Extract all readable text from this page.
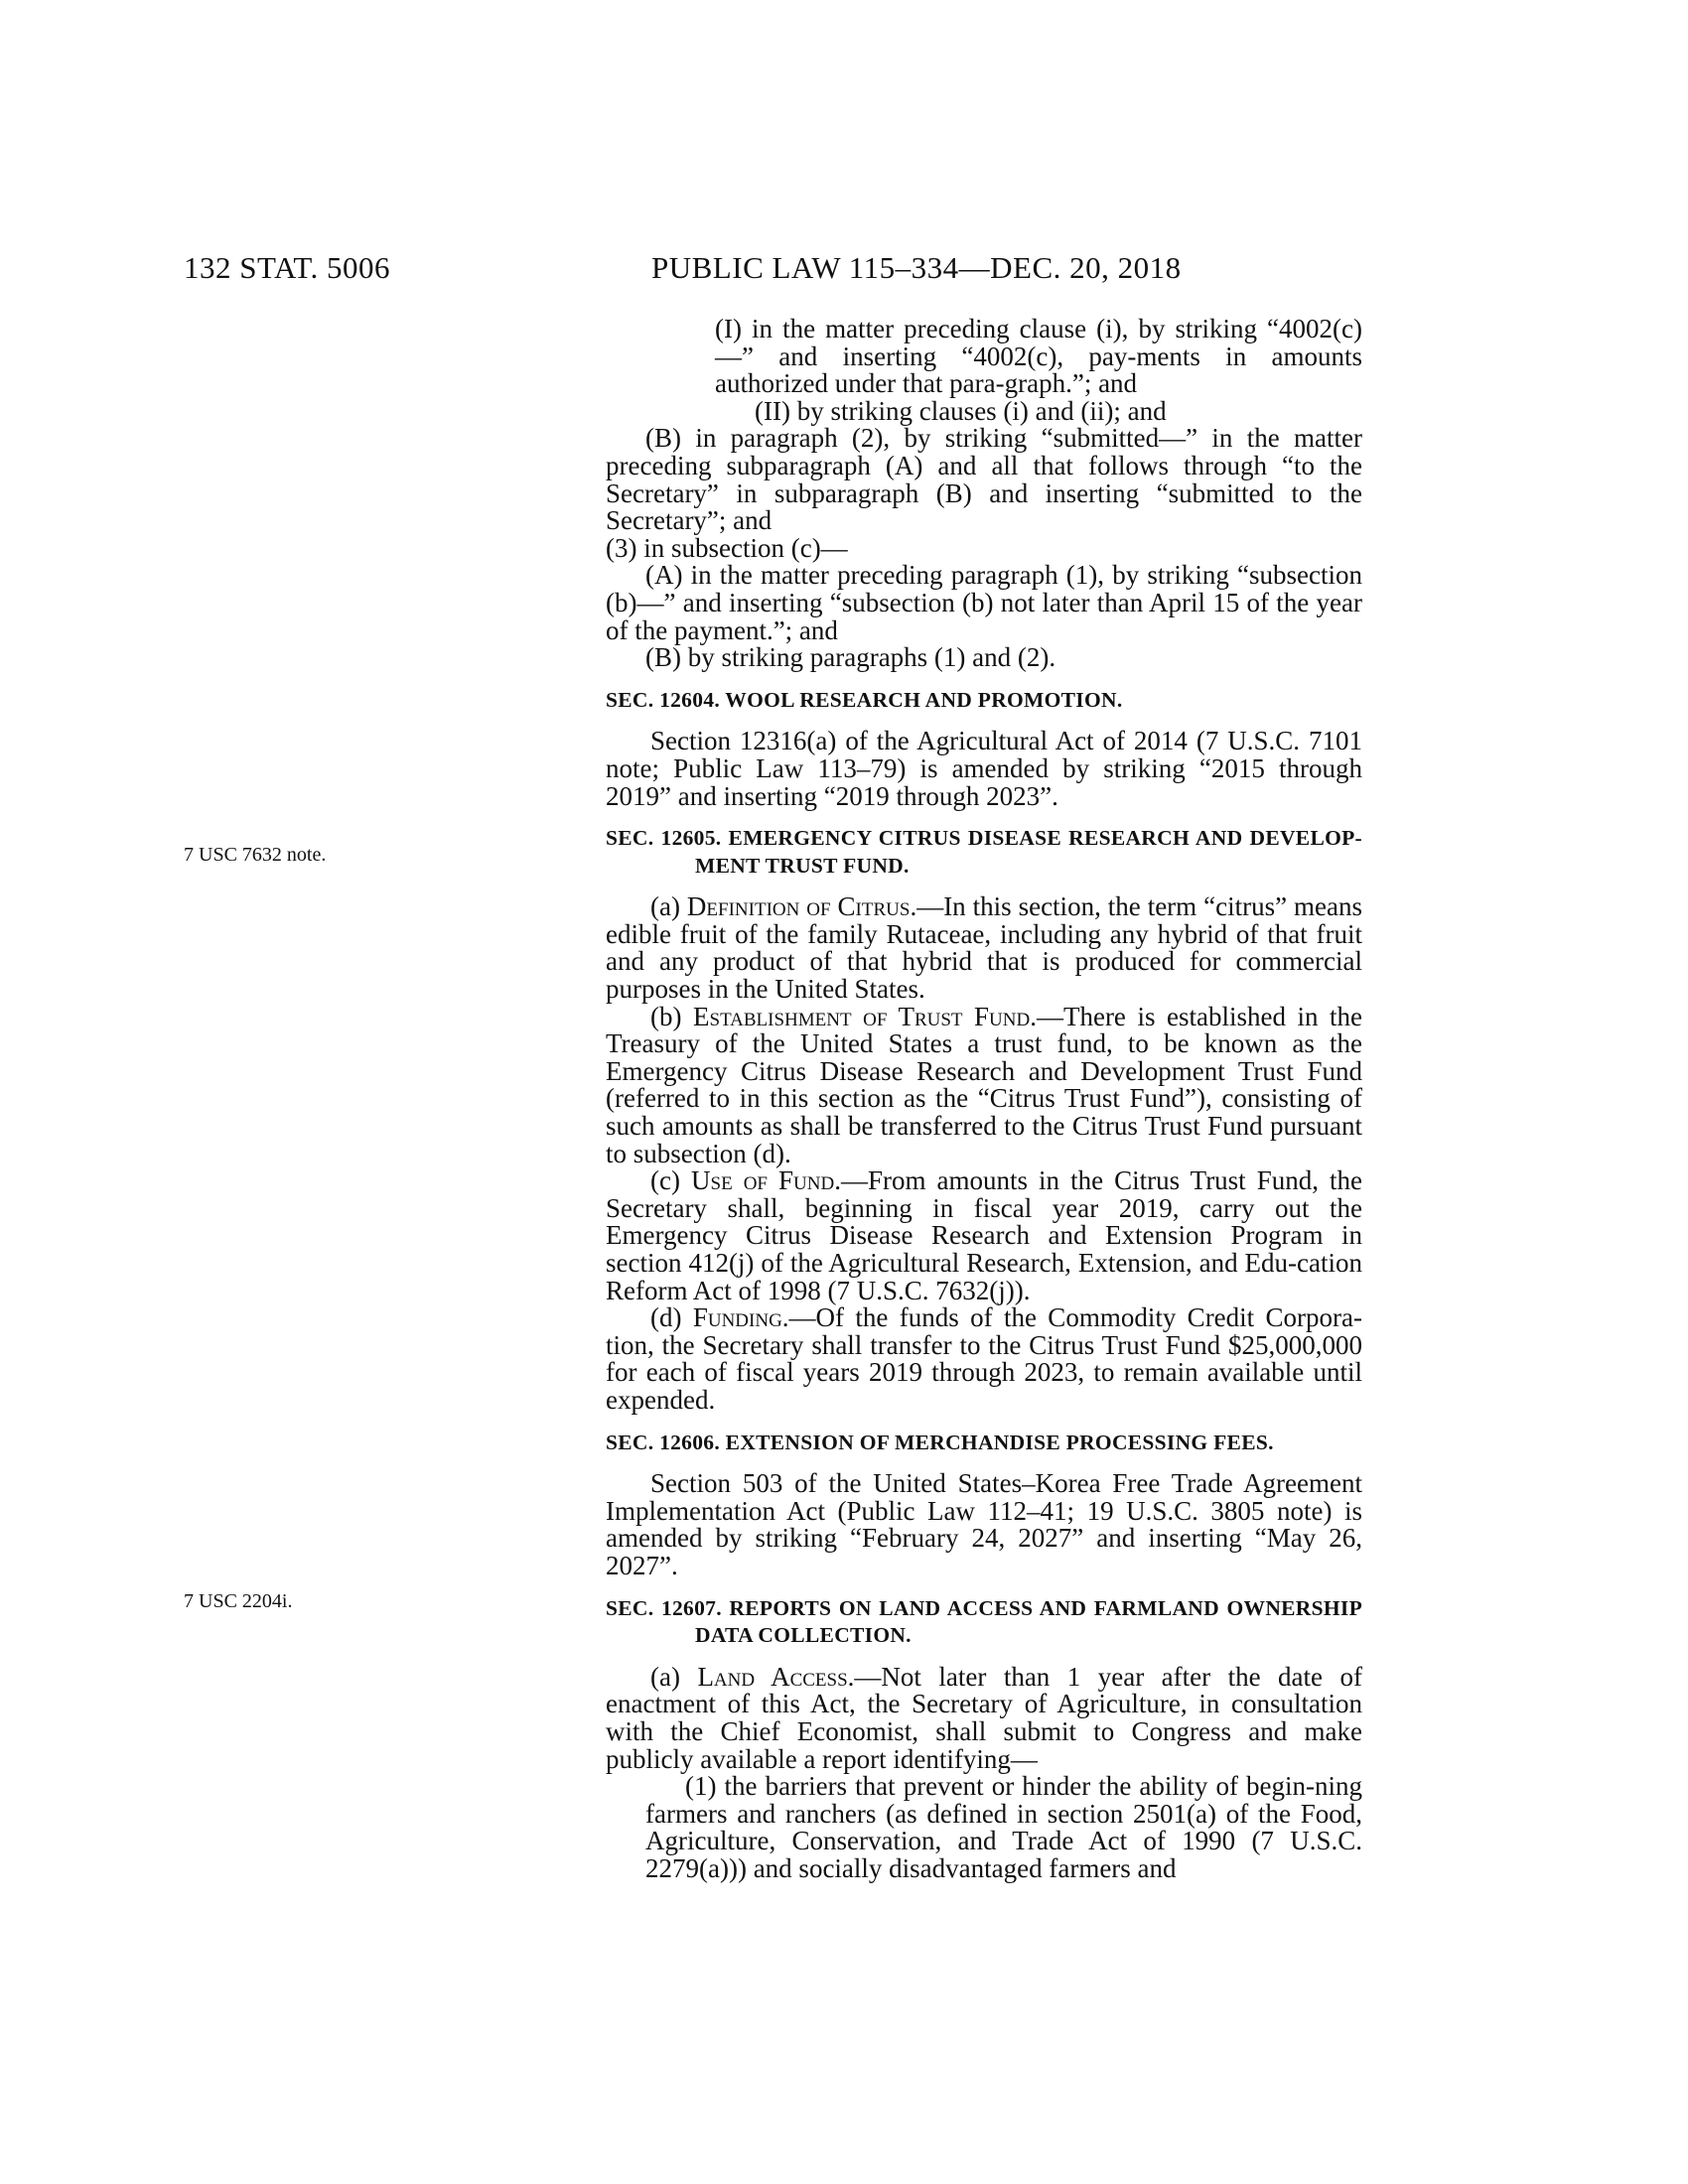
132 STAT. 5006	PUBLIC LAW 115–334—DEC. 20, 2018
7 USC 7632 note.
7 USC 2204i.

(I) in the matter preceding clause (i), by striking “4002(c)—” and inserting “4002(c), pay-ments in amounts authorized under that para-graph.”; and

(II) by striking clauses (i) and (ii); and

(B) in paragraph (2), by striking “submitted—” in the matter preceding subparagraph (A) and all that follows through “to the Secretary” in subparagraph (B) and inserting “submitted to the Secretary”; and

(3) in subsection (c)—

(A) in the matter preceding paragraph (1), by striking “subsection (b)—” and inserting “subsection (b) not later than April 15 of the year of the payment.”; and

(B) by striking paragraphs (1) and (2).

SEC. 12604. WOOL RESEARCH AND PROMOTION.

Section 12316(a) of the Agricultural Act of 2014 (7 U.S.C. 7101 note; Public Law 113–79) is amended by striking “2015 through 2019” and inserting “2019 through 2023”.

SEC. 12605. EMERGENCY CITRUS DISEASE RESEARCH AND DEVELOP-MENT TRUST FUND.

(a) Definition of Citrus.—In this section, the term “citrus” means edible fruit of the family Rutaceae, including any hybrid of that fruit and any product of that hybrid that is produced for commercial purposes in the United States.

(b) Establishment of Trust Fund.—There is established in the Treasury of the United States a trust fund, to be known as the Emergency Citrus Disease Research and Development Trust Fund (referred to in this section as the “Citrus Trust Fund”), consisting of such amounts as shall be transferred to the Citrus Trust Fund pursuant to subsection (d).

(c) Use of Fund.—From amounts in the Citrus Trust Fund, the Secretary shall, beginning in fiscal year 2019, carry out the Emergency Citrus Disease Research and Extension Program in section 412(j) of the Agricultural Research, Extension, and Edu-cation Reform Act of 1998 (7 U.S.C. 7632(j)).

(d) Funding.—Of the funds of the Commodity Credit Corpora-tion, the Secretary shall transfer to the Citrus Trust Fund $25,000,000 for each of fiscal years 2019 through 2023, to remain available until expended.

SEC. 12606. EXTENSION OF MERCHANDISE PROCESSING FEES.

Section 503 of the United States–Korea Free Trade Agreement Implementation Act (Public Law 112–41; 19 U.S.C. 3805 note) is amended by striking “February 24, 2027” and inserting “May 26, 2027”.

SEC. 12607. REPORTS ON LAND ACCESS AND FARMLAND OWNERSHIP DATA COLLECTION.

(a) Land Access.—Not later than 1 year after the date of enactment of this Act, the Secretary of Agriculture, in consultation with the Chief Economist, shall submit to Congress and make publicly available a report identifying—

(1) the barriers that prevent or hinder the ability of begin-ning farmers and ranchers (as defined in section 2501(a) of the Food, Agriculture, Conservation, and Trade Act of 1990 (7 U.S.C. 2279(a))) and socially disadvantaged farmers and
